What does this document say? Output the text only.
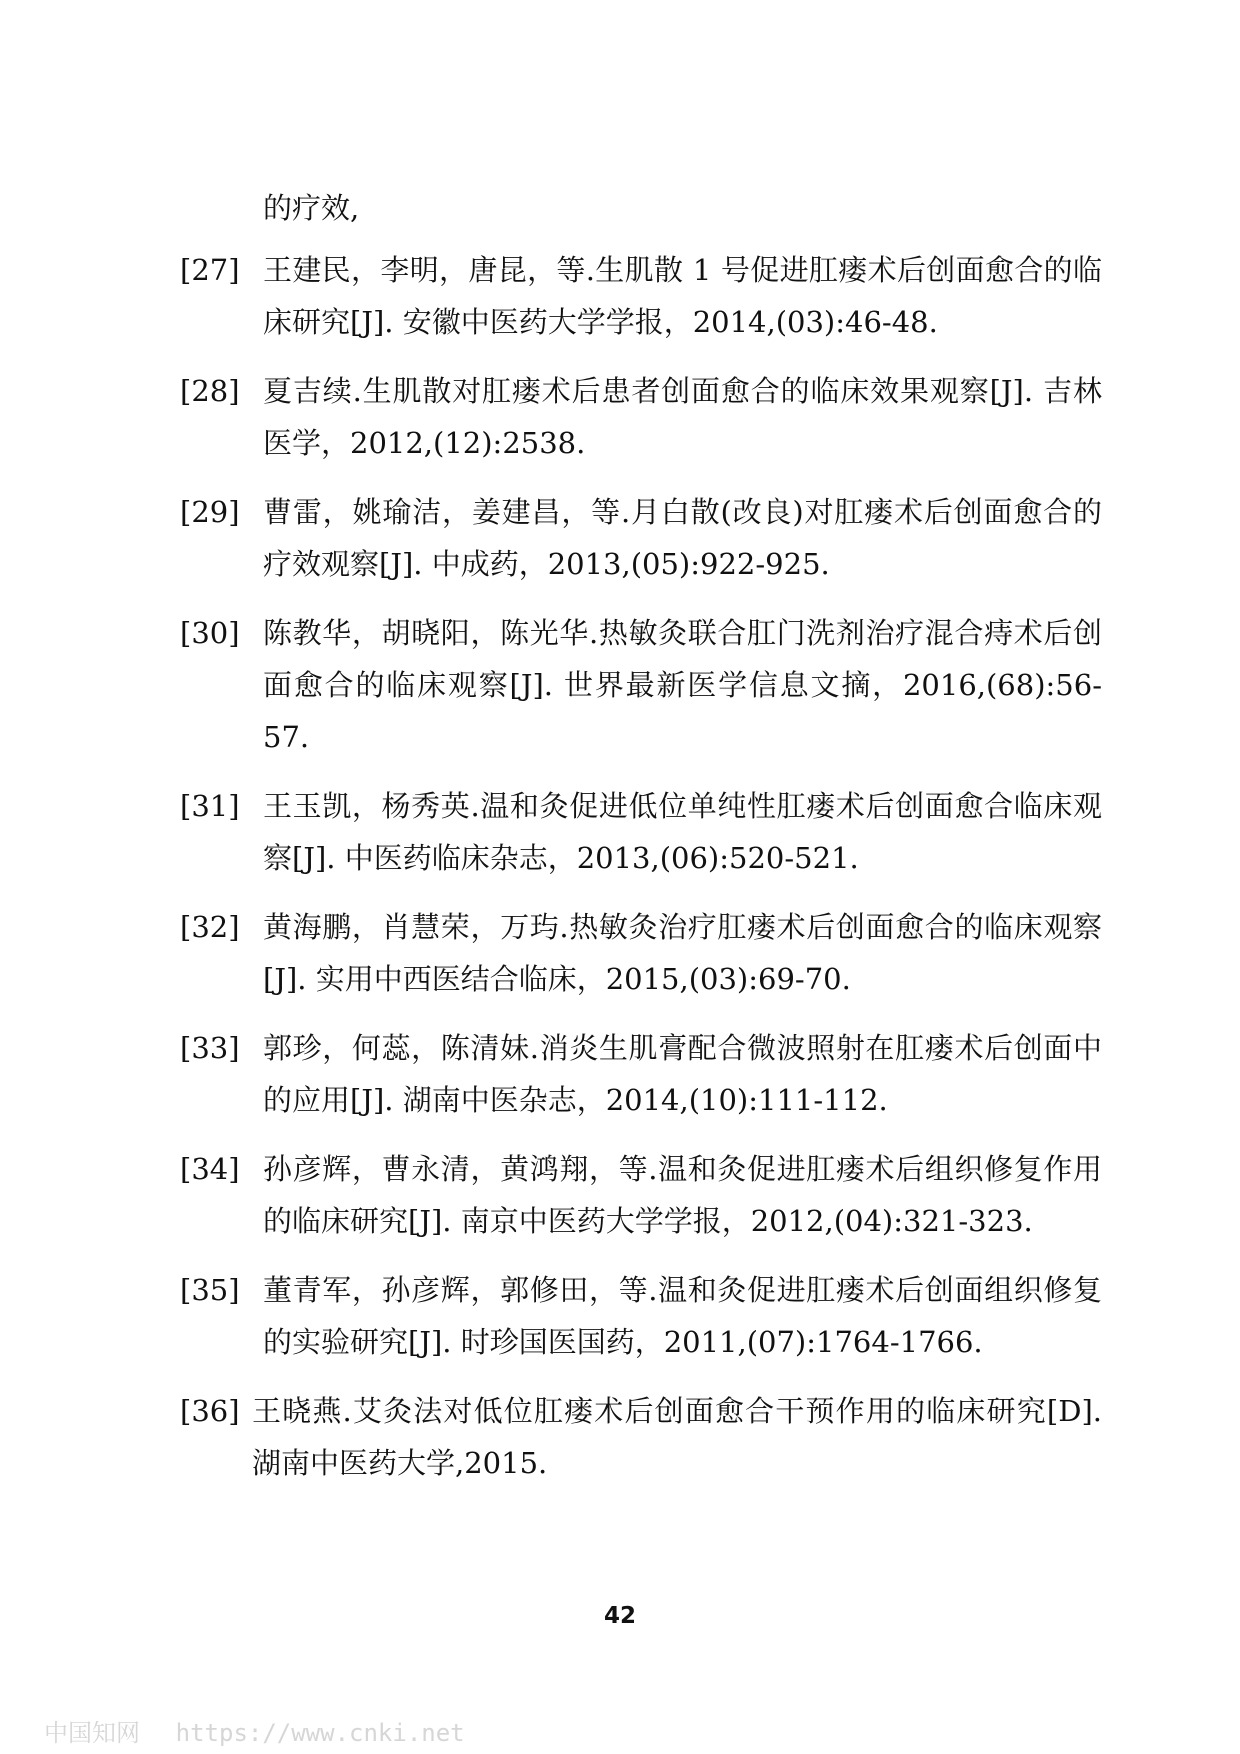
的疗效,
[27] 王建民，李明，唐昆，等.生肌散 1 号促进肛瘘术后创面愈合的临床研究[J]. 安徽中医药大学学报，2014,(03):46-48.
[28] 夏吉续.生肌散对肛瘘术后患者创面愈合的临床效果观察[J]. 吉林医学，2012,(12):2538.
[29] 曹雷，姚瑜洁，姜建昌，等.月白散(改良)对肛瘘术后创面愈合的疗效观察[J]. 中成药，2013,(05):922-925.
[30] 陈教华，胡晓阳，陈光华.热敏灸联合肛门洗剂治疗混合痔术后创面愈合的临床观察[J]. 世界最新医学信息文摘，2016,(68):56-57.
[31] 王玉凯，杨秀英.温和灸促进低位单纯性肛瘘术后创面愈合临床观察[J]. 中医药临床杂志，2013,(06):520-521.
[32] 黄海鹏，肖慧荣，万玙.热敏灸治疗肛瘘术后创面愈合的临床观察[J]. 实用中西医结合临床，2015,(03):69-70.
[33] 郭珍，何蕊，陈清妹.消炎生肌膏配合微波照射在肛瘘术后创面中的应用[J]. 湖南中医杂志，2014,(10):111-112.
[34] 孙彦辉，曹永清，黄鸿翔，等.温和灸促进肛瘘术后组织修复作用的临床研究[J]. 南京中医药大学学报，2012,(04):321-323.
[35] 董青军，孙彦辉，郭修田，等.温和灸促进肛瘘术后创面组织修复的实验研究[J]. 时珍国医国药，2011,(07):1764-1766.
[36] 王晓燕.艾灸法对低位肛瘘术后创面愈合干预作用的临床研究[D]. 湖南中医药大学,2015.
42
中国知网 https://www.cnki.net
